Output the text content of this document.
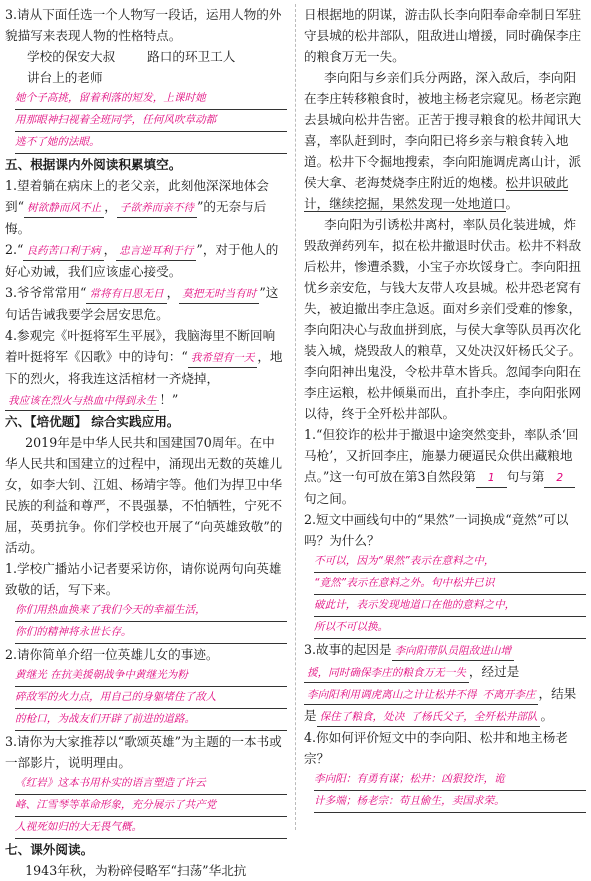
3.请从下面任选一个人物写一段话，运用人物的外貌描写来表现人物的性格特点。

学校的保安大叔        路口的环卫工人

讲台上的老师

她个子高挑，留着利落的短发，上课时她
用那眼神扫视着全班同学，任何风吹草动都
逃不了她的法眼。

五、根据课内外阅读积累填空。

1.望着躺在病床上的老父亲，此刻他深深地体会到“ 树欲静而风不止 ， 子欲养而亲不待 ”的无奈与后悔。

2.“ 良药苦口利于病 ， 忠言逆耳利于行 ”，对于他人的好心劝诫，我们应该虚心接受。

3.爷爷常常用“ 常将有日思无日 ， 莫把无时当有时 ”这句话告诫我要学会居安思危。

4.参观完《叶挺将军生平展》，我脑海里不断回响着叶挺将军《囚歌》中的诗句：“ 我希望有一天 ，地下的烈火，将我连这活棺材一齐烧掉，我应该在烈火与热血中得到永生 ！”

六、【培优题】 综合实践应用。

2019年是中华人民共和国建国70周年。在中华人民共和国建立的过程中，涌现出无数的英雄儿女，如李大钊、江姐、杨靖宇等。他们为捍卫中华民族的利益和尊严，不畏强暴，不怕牺牲，宁死不屈，英勇抗争。你们学校也开展了“向英雄致敬”的活动。

1.学校广播站小记者要采访你，请你说两句向英雄致敬的话，写下来。

你们用热血换来了我们今天的幸福生活，
你们的精神将永世长存。

2.请你简单介绍一位英雄儿女的事迹。

黄继光 在抗美援朝战争中黄继光为粉
碎敌军的火力点，用自己的身躯堵住了敌人
的枪口，为战友们开辟了前进的道路。

3.请你为大家推荐以“歌颂英雄”为主题的一本书或一部影片，说明理由。

《红岩》这本书用朴实的语言塑造了许云
峰、江雪琴等革命形象，充分展示了共产党
人视死如归的大无畏气概。

七、课外阅读。

1943年秋，为粉碎侵略军“扫荡”华北抗

日根据地的阴谋，游击队长李向阳奉命牵制日军驻守县城的松井部队，阻敌进山增援，同时确保李庄的粮食万无一失。

李向阳与乡亲们兵分两路，深入敌后，李向阳在李庄转移粮食时，被地主杨老宗窥见。杨老宗跑去县城向松井告密。正苦于搜寻粮食的松井闻讯大喜，率队赶到时，李向阳已将乡亲与粮食转入地道。松井下令掘地搜索，李向阳施调虎离山计，派侯大拿、老海焚烧李庄附近的炮楼。松井识破此计，继续挖掘，果然发现一处地道口。

李向阳为引诱松井离村，率队员化装进城，炸毁敌弹药列车，拟在松井撤退时伏击。松井不料敌后松井，惨遭杀戮，小宝子亦坎馁身亡。李向阳扭忧乡亲安危，与钱大友带人攻县城。松井恐老窝有失，被迫撤出李庄急返。面对乡亲们受难的惨象，李向阳决心与敌血拼到底，与侯大拿等队员再次化装入城，烧毁敌人的粮草，又处决汉奸杨氏父子。李向阳神出鬼没，令松井草木皆兵。忽闻李向阳在李庄运粮，松井倾巢而出，直扑李庄，李向阳张网以待，终于全歼松井部队。

1.“但狡诈的松井于撤退中途突然变卦，率队杀‘回马枪’，又折回李庄，施暴力硬逼民众供出藏粮地点。”这一句可放在第3自然段第 1 句与第 2句之间。

2.短文中画线句中的“果然”一词换成“竟然”可以吗？为什么？

不可以，因为“果然”表示在意料之中，
“竟然”表示在意料之外。句中松井已识
破此计，表示发现地道口在他的意料之中，
所以不可以换。

3.故事的起因是 李向阳带队员阻敌进山增援，同时确保李庄的粮食万无一失 ，经过是李向阳利用调虎离山之计让松井不得 不离开李庄 ，结果是 保住了粮食，处决 了杨氏父子，全歼松井部队 。

4.你如何评价短文中的李向阳、松井和地主杨老宗？

李向阳：有勇有谋；松井：凶狠狡诈，诡
计多端；杨老宗：苟且偷生，卖国求荣。
